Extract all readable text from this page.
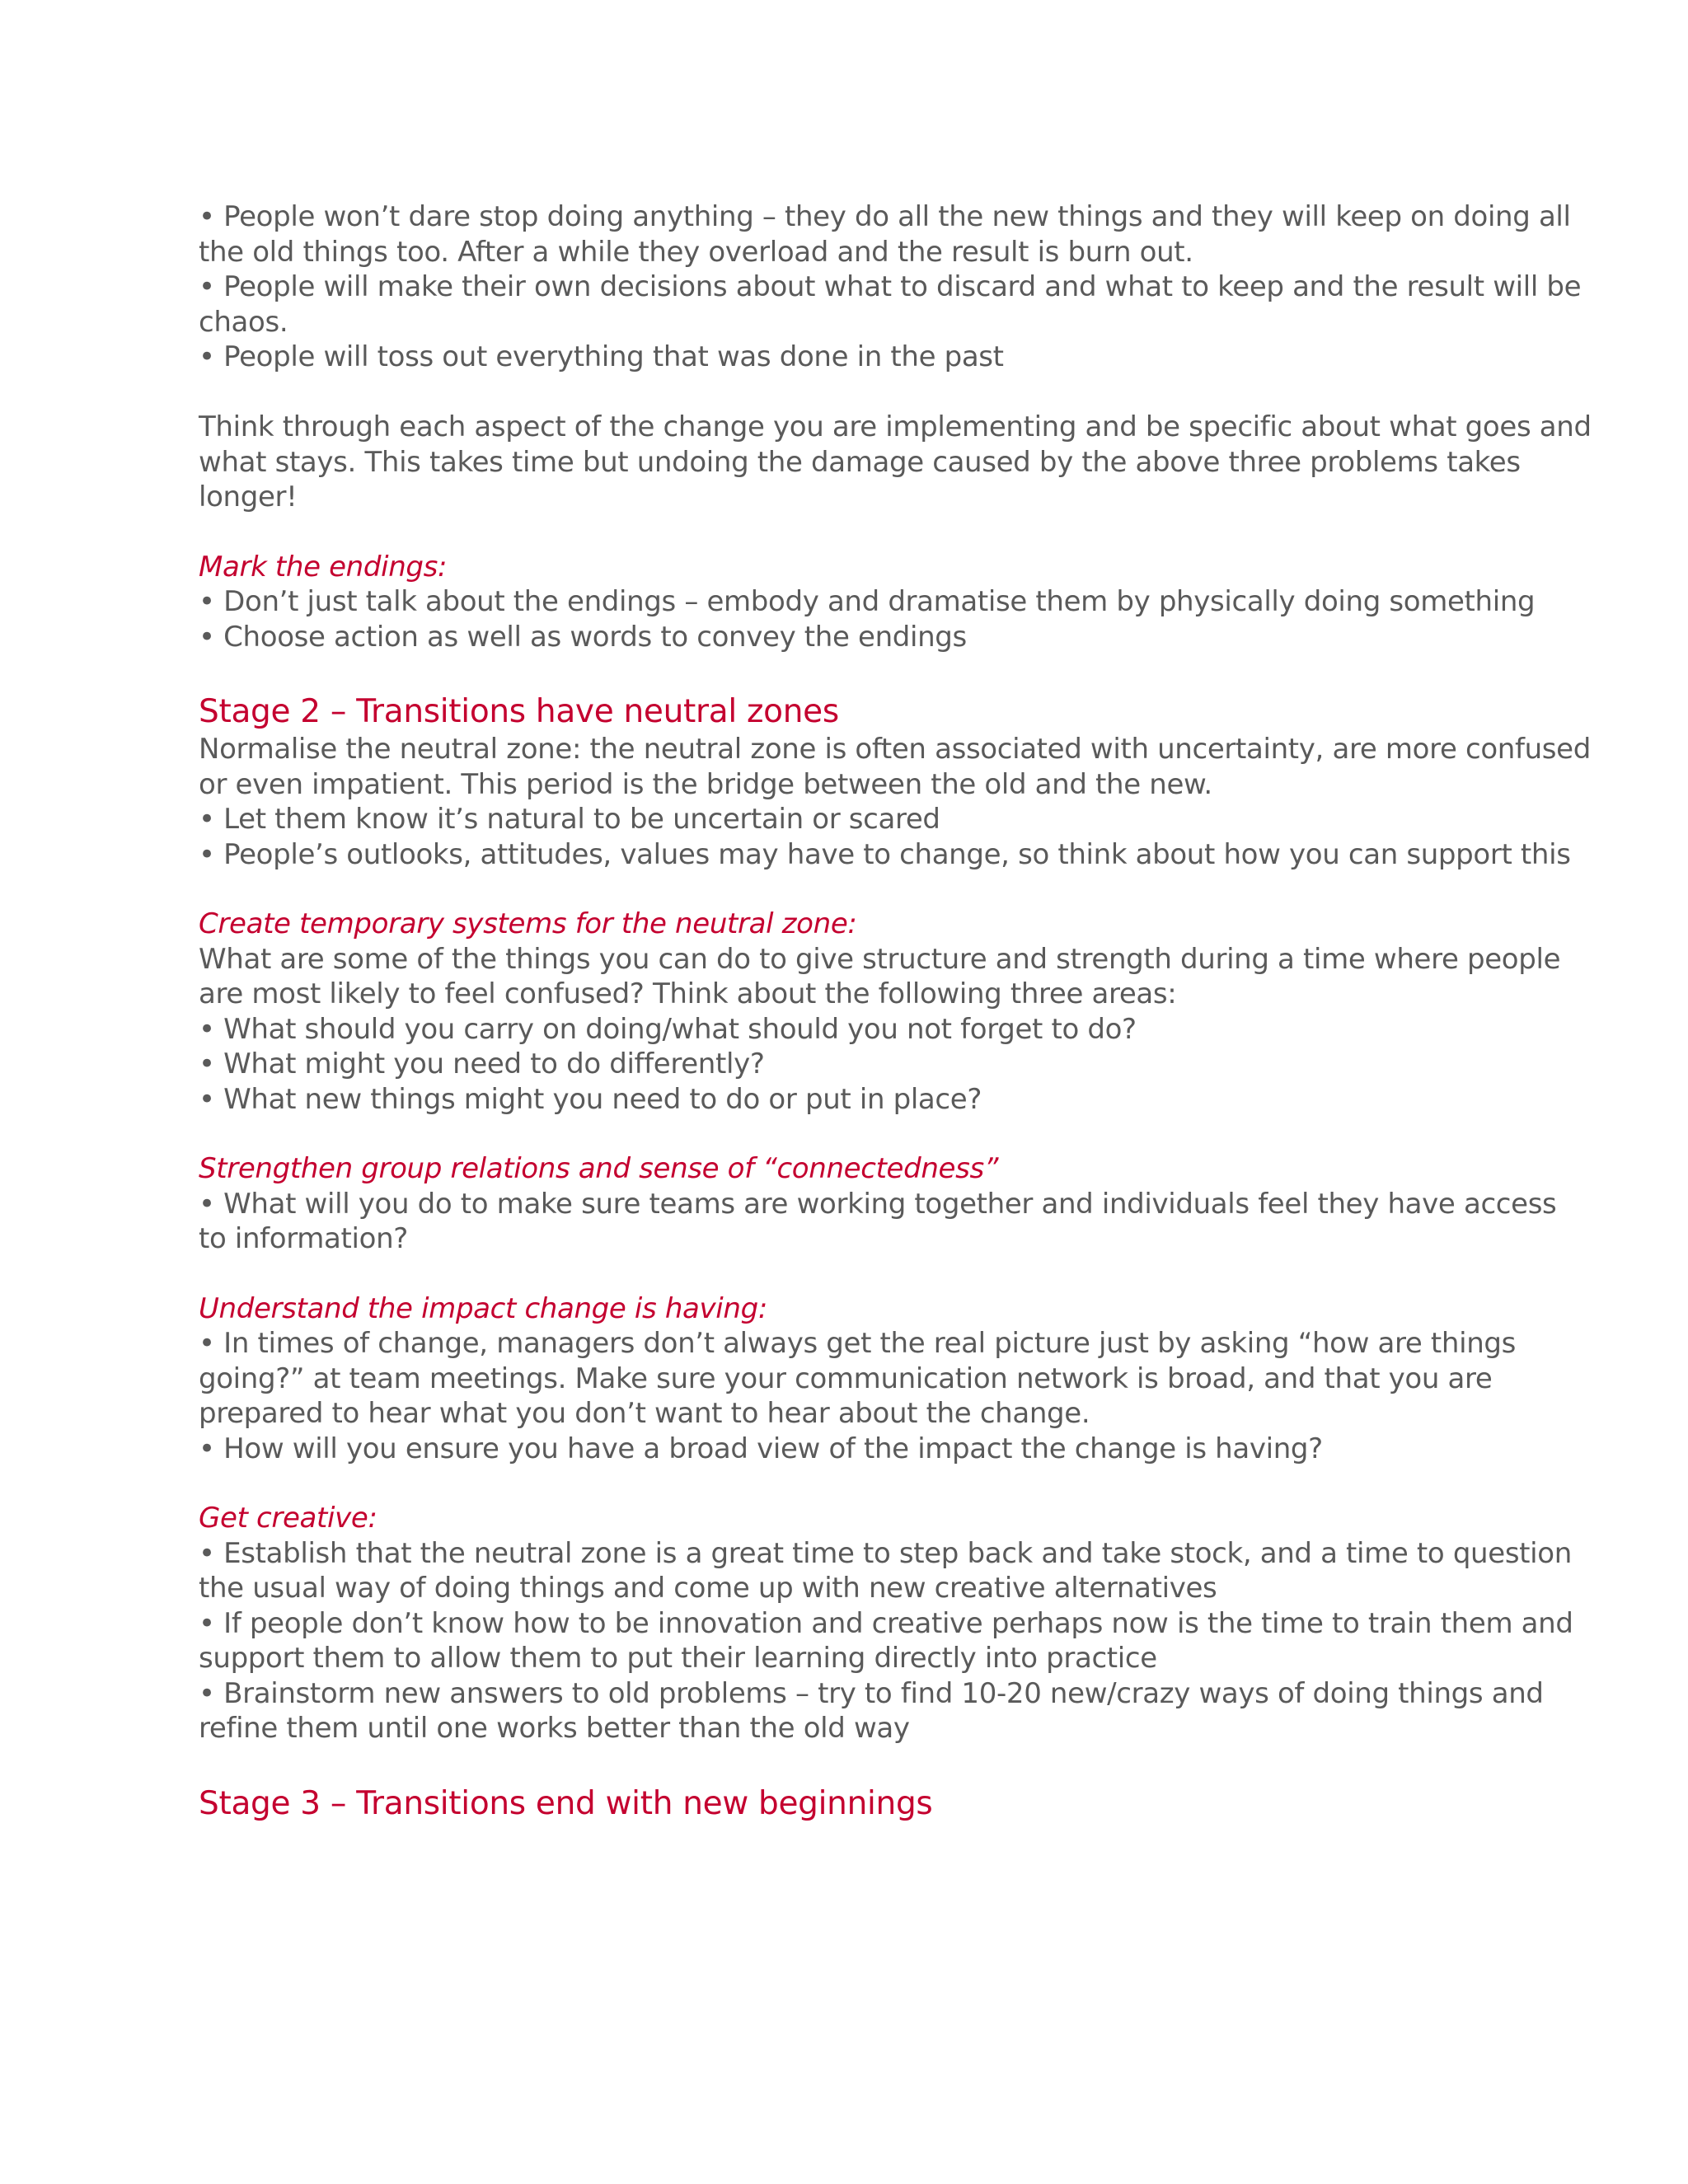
• People won’t dare stop doing anything – they do all the new things and they will keep on doing all
the old things too. After a while they overload and the result is burn out.
• People will make their own decisions about what to discard and what to keep and the result will be
chaos.
• People will toss out everything that was done in the past
Think through each aspect of the change you are implementing and be specific about what goes and
what stays. This takes time but undoing the damage caused by the above three problems takes
longer!
Mark the endings:
• Don’t just talk about the endings – embody and dramatise them by physically doing something
• Choose action as well as words to convey the endings
Stage 2 – Transitions have neutral zones
Normalise the neutral zone: the neutral zone is often associated with uncertainty, are more confused
or even impatient. This period is the bridge between the old and the new.
• Let them know it’s natural to be uncertain or scared
• People’s outlooks, attitudes, values may have to change, so think about how you can support this
Create temporary systems for the neutral zone:
What are some of the things you can do to give structure and strength during a time where people
are most likely to feel confused? Think about the following three areas:
• What should you carry on doing/what should you not forget to do?
• What might you need to do differently?
• What new things might you need to do or put in place?
Strengthen group relations and sense of “connectedness”
• What will you do to make sure teams are working together and individuals feel they have access
to information?
Understand the impact change is having:
• In times of change, managers don’t always get the real picture just by asking “how are things
going?” at team meetings. Make sure your communication network is broad, and that you are
prepared to hear what you don’t want to hear about the change.
• How will you ensure you have a broad view of the impact the change is having?
Get creative:
• Establish that the neutral zone is a great time to step back and take stock, and a time to question
the usual way of doing things and come up with new creative alternatives
• If people don’t know how to be innovation and creative perhaps now is the time to train them and
support them to allow them to put their learning directly into practice
• Brainstorm new answers to old problems – try to find 10-20 new/crazy ways of doing things and
refine them until one works better than the old way
Stage 3 – Transitions end with new beginnings
